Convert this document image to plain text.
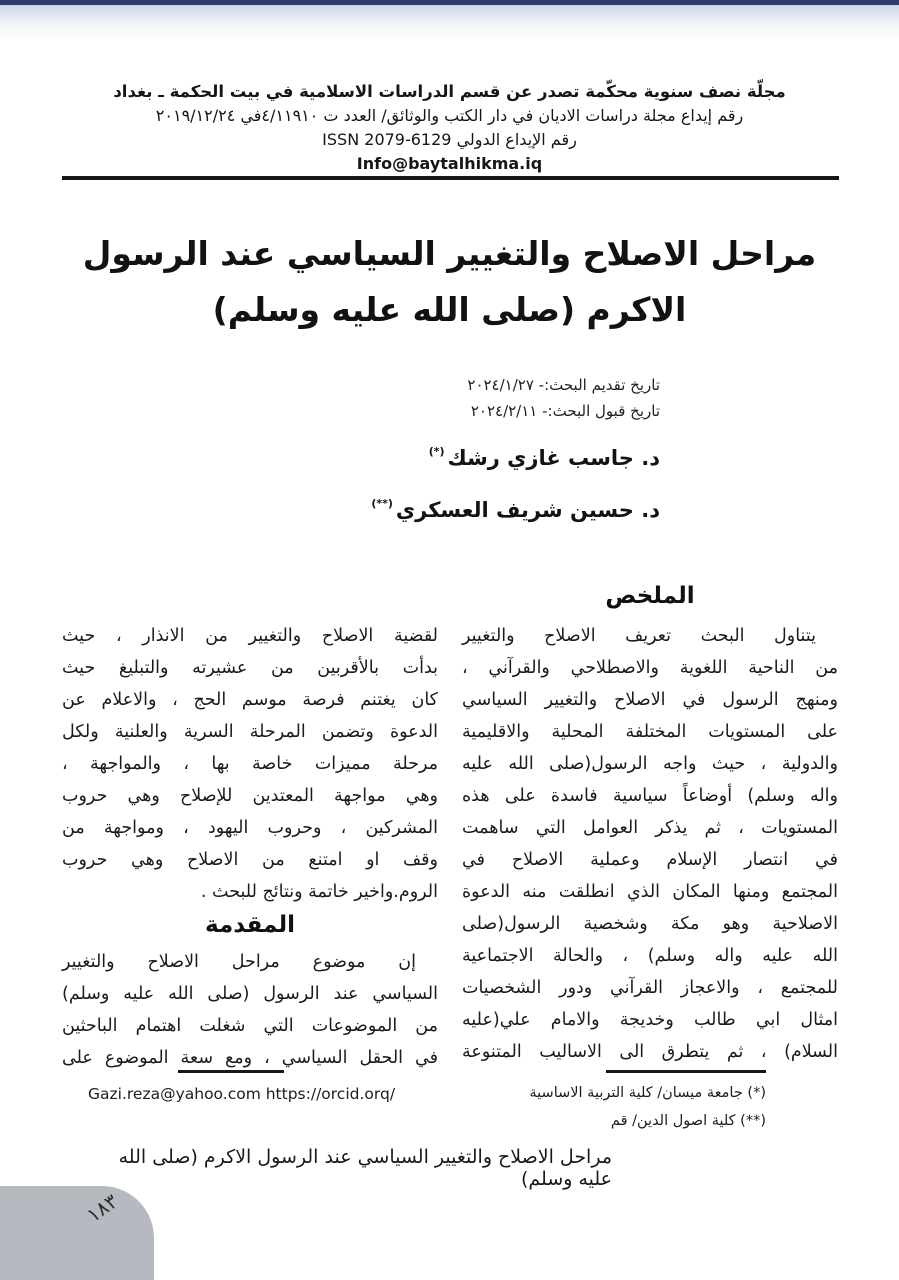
مجلّة نصف سنوية محكّمة تصدر عن قسم الدراسات الاسلامية في بيت الحكمة ـ بغداد
رقم إيداع مجلة دراسات الاديان في دار الكتب والوثائق/ العدد ت ٤/١١٩١٠في ٢٠١٩/١٢/٢٤
رقم الإيداع الدولي ISSN 2079-6129
Info@baytalhikma.iq
مراحل الاصلاح والتغيير السياسي عند الرسول
الاكرم (صلى الله عليه وسلم)
تاريخ تقديم البحث:- ٢٠٢٤/١/٢٧
تاريخ قبول البحث:- ٢٠٢٤/٢/١١
د. جاسب غازي رشك(*)
د. حسين شريف العسكري(**)
الملخص
يتناول البحث تعريف الاصلاح والتغيير
من الناحية اللغوية والاصطلاحي والقرآني ،
ومنهج الرسول في الاصلاح والتغيير السياسي
على المستويات المختلفة المحلية والاقليمية
والدولية ، حيث واجه الرسول(صلى الله عليه
واله وسلم) أوضاعاً سياسية فاسدة على هذه
المستويات ، ثم يذكر العوامل التي ساهمت
في انتصار الإسلام وعملية الاصلاح في
المجتمع ومنها المكان الذي انطلقت منه الدعوة
الاصلاحية وهو مكة وشخصية الرسول(صلى
الله عليه واله وسلم) ، والحالة الاجتماعية
للمجتمع ، والاعجاز القرآني ودور الشخصيات
امثال ابي طالب وخديجة والامام علي(عليه
السلام) ، ثم يتطرق الى الاساليب المتنوعة
لقضية الاصلاح والتغيير من الانذار ، حيث
بدأت بالأقربين من عشيرته والتبليغ حيث
كان يغتنم فرصة موسم الحج ، والاعلام عن
الدعوة وتضمن المرحلة السرية والعلنية ولكل
مرحلة مميزات خاصة بها ، والمواجهة ،
وهي مواجهة المعتدين للإصلاح وهي حروب
المشركين ، وحروب اليهود ، ومواجهة من
وقف او امتنع من الاصلاح وهي حروب
الروم.واخير خاتمة ونتائج للبحث .
المقدمة
إن موضوع مراحل الاصلاح والتغيير
السياسي عند الرسول (صلى الله عليه وسلم)
من الموضوعات التي شغلت اهتمام الباحثين
في الحقل السياسي ، ومع سعة الموضوع على
(*) جامعة ميسان/ كلية التربية الاساسية
(**) كلية اصول الدين/ قم
Gazi.reza@yahoo.com https://orcid.orq/
مراحل الاصلاح والتغيير السياسي عند الرسول الاكرم (صلى الله عليه وسلم)
١٨٣
